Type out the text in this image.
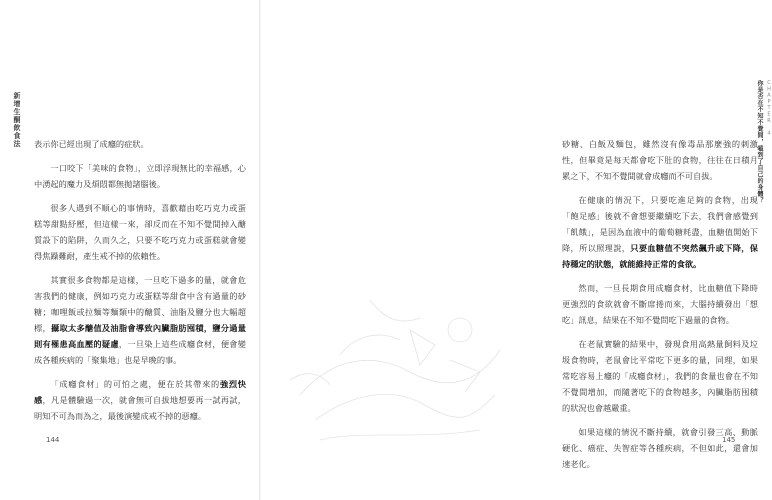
新增生酮飲食法 表示你已經出現了成癮的症狀。

一口咬下「美味的食物」，立即浮現無比的幸福感，心中湧起的魔力及煩悶都無拋諸腦後。

很多人遇到不順心的事情時，喜歡藉由吃巧克力或蛋糕等甜點紓壓，但這樣一來，卻反而在不知不覺間掉入醣質設下的陷阱，久而久之，只要不吃巧克力或蛋糕就會變得焦躁難耐，產生戒不掉的依賴性。

其實很多食物都是這樣，一旦吃下過多的量，就會危害我們的健康，例如巧克力或蛋糕等甜食中含有過量的砂糖；咖哩飯或拉麵等麵類中的醣質、油脂及鹽分也大幅超標，攝取太多醣值及油脂會導致內臟脂肪囤積，鹽分過量則有罹患高血壓的疑慮，一旦染上這些成癮食材，便會變成各種疾病的「聚集地」也是早晚的事。

「成癮食材」的可怕之處，便在於其帶來的強烈快感，凡是體驗過一次，就會無可自拔地想要再一試再試，明知不可為而為之，最後演變成戒不掉的惡癮。

144
CHAPTER 4
你是否在不知不覺間，嗑到了自己的身體？

砂糖、白飯及麵包，雖然沒有像毒品那麼強的刺激性，但畢竟是每天都會吃下肚的食物，往往在日積月累之下，不知不覺間就會成癮而不可自拔。

在健康的情況下，只要吃進足夠的食物，出現「飽足感」後就不會想要繼續吃下去，我們會感覺到「飢餓」，是因為血液中的葡萄糖耗盡，血糖值開始下降，所以照理說，只要血糖值不突然飆升或下降，保持穩定的狀態，就能維持正常的食欲。

然而，一旦長期食用成癮食材，比血糖值下降時更強烈的食欲就會不斷席捲而來，大腦持續發出「想吃」訊息，結果在不知不覺問吃下過量的食物。

在老鼠實驗的結果中，發現食用高熱量飼料及垃圾食物時，老鼠會比平常吃下更多的量，同理，如果常吃容易上癮的「成癮食材」，我們的食量也會在不知不覺間增加，而隨著吃下的食物越多，內臟脂肪囤積的狀況也會越嚴重。

如果這樣的情況不斷持續，就會引發三高、動脈硬化、癌症、失智症等各種疾病，不但如此，還會加速老化。

145
